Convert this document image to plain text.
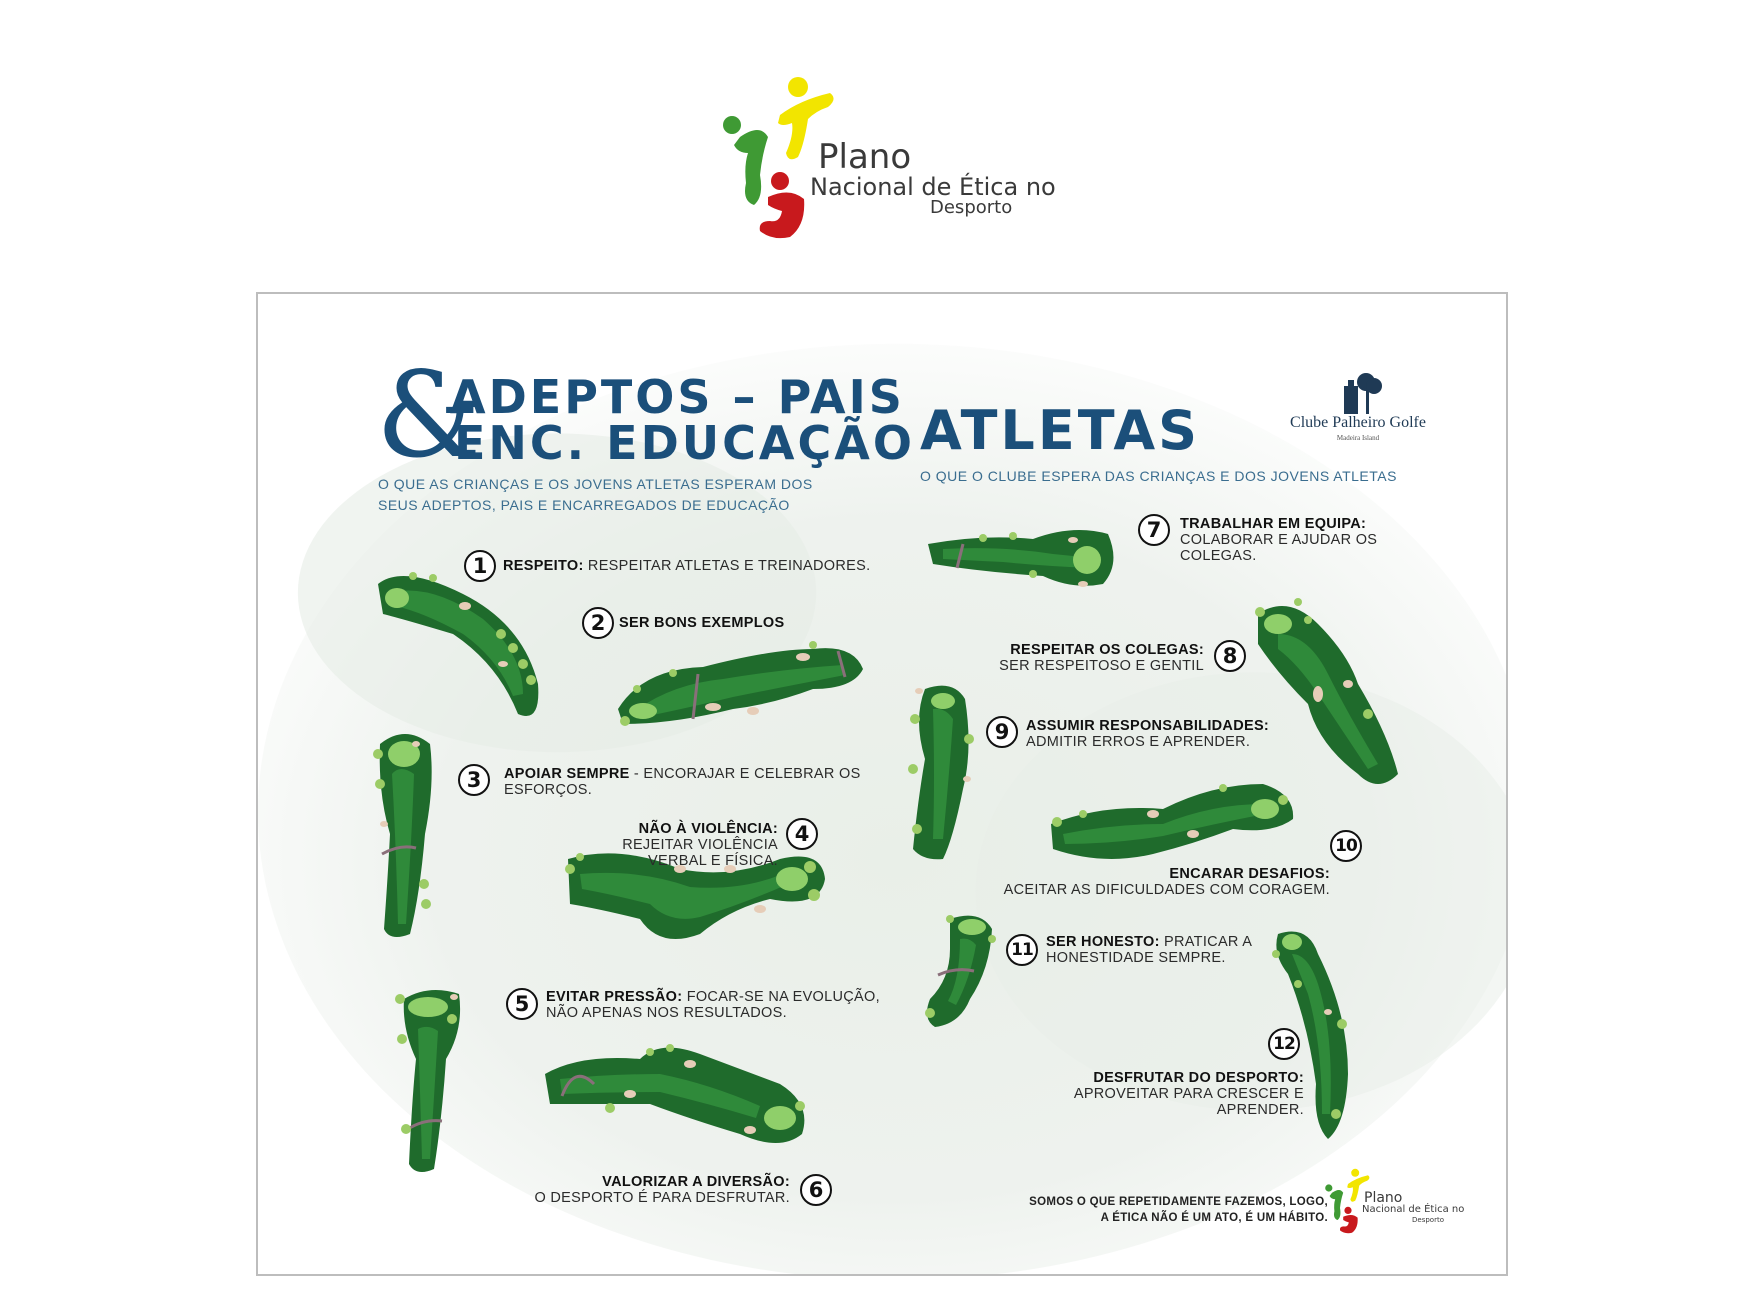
Plano
Nacional de Ética no
Desporto
&
ADEPTOS – PAIS
ENC. EDUCAÇÃO
O QUE AS CRIANÇAS E OS JOVENS ATLETAS ESPERAM DOS SEUS ADEPTOS, PAIS E ENCARREGADOS DE EDUCAÇÃO
ATLETAS
O QUE O CLUBE ESPERA DAS CRIANÇAS E DOS JOVENS ATLETAS
Clube Palheiro Golfe
Madeira Island
1	RESPEITO: RESPEITAR ATLETAS E TREINADORES.
2 SER BONS EXEMPLOS
3	APOIAR SEMPRE - ENCORAJAR E CELEBRAR OS ESFORÇOS.
NÃO À VIOLÊNCIA:
REJEITAR VIOLÊNCIA VERBAL E FÍSICA.
4
5	EVITAR PRESSÃO: FOCAR-SE NA EVOLUÇÃO, NÃO APENAS NOS RESULTADOS.
VALORIZAR A DIVERSÃO:
O DESPORTO É PARA DESFRUTAR. 6
7	TRABALHAR EM EQUIPA:
COLABORAR E AJUDAR OS COLEGAS.
RESPEITAR OS COLEGAS:
SER RESPEITOSO E GENTIL 8
9	ASSUMIR RESPONSABILIDADES:
ADMITIR ERROS E APRENDER.
10
ENCARAR DESAFIOS:
ACEITAR AS DIFICULDADES COM CORAGEM.
11 SER HONESTO: PRATICAR A HONESTIDADE SEMPRE.
12
DESFRUTAR DO DESPORTO:
APROVEITAR PARA CRESCER E APRENDER.
SOMOS O QUE REPETIDAMENTE FAZEMOS, LOGO,
A ÉTICA NÃO É UM ATO, É UM HÁBITO.
Plano
Nacional de Ética no
Desporto
